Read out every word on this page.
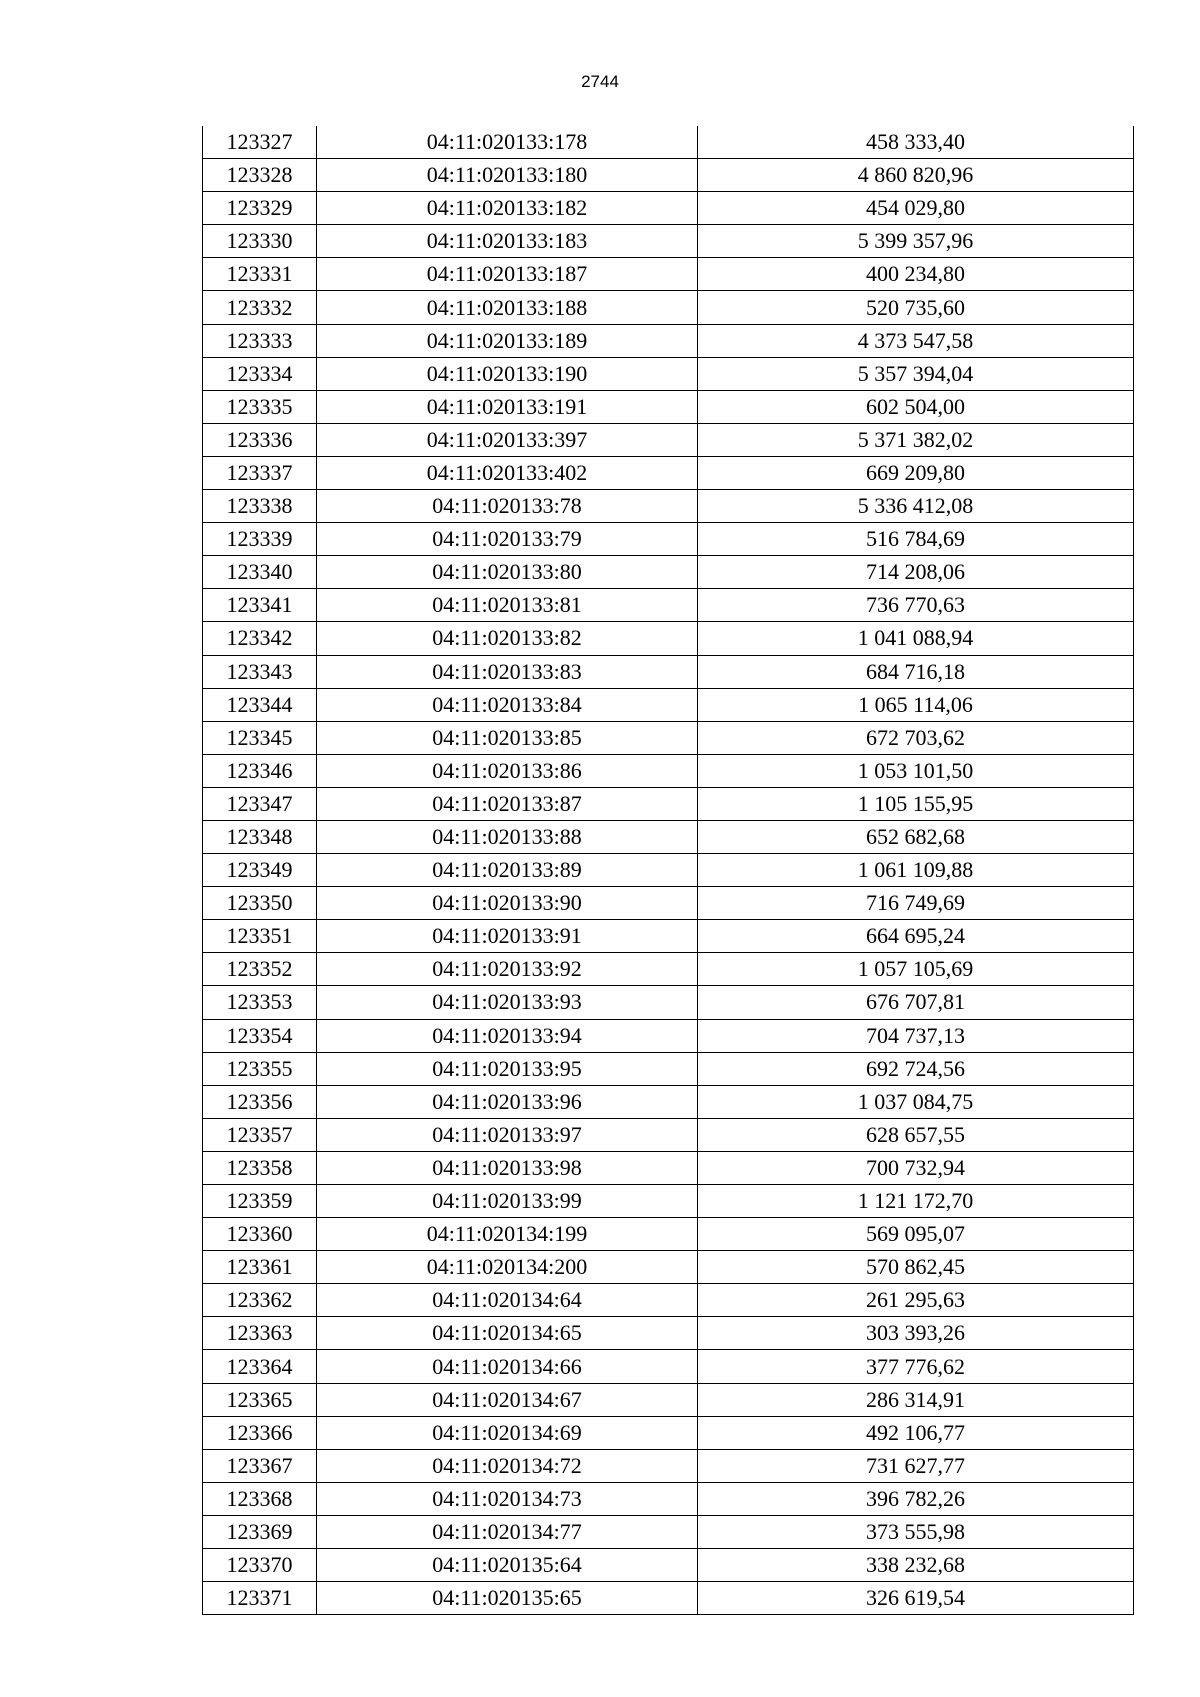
2744
123327	04:11:020133:178	458 333,40
123328	04:11:020133:180	4 860 820,96
123329	04:11:020133:182	454 029,80
123330	04:11:020133:183	5 399 357,96
123331	04:11:020133:187	400 234,80
123332	04:11:020133:188	520 735,60
123333	04:11:020133:189	4 373 547,58
123334	04:11:020133:190	5 357 394,04
123335	04:11:020133:191	602 504,00
123336	04:11:020133:397	5 371 382,02
123337	04:11:020133:402	669 209,80
123338	04:11:020133:78	5 336 412,08
123339	04:11:020133:79	516 784,69
123340	04:11:020133:80	714 208,06
123341	04:11:020133:81	736 770,63
123342	04:11:020133:82	1 041 088,94
123343	04:11:020133:83	684 716,18
123344	04:11:020133:84	1 065 114,06
123345	04:11:020133:85	672 703,62
123346	04:11:020133:86	1 053 101,50
123347	04:11:020133:87	1 105 155,95
123348	04:11:020133:88	652 682,68
123349	04:11:020133:89	1 061 109,88
123350	04:11:020133:90	716 749,69
123351	04:11:020133:91	664 695,24
123352	04:11:020133:92	1 057 105,69
123353	04:11:020133:93	676 707,81
123354	04:11:020133:94	704 737,13
123355	04:11:020133:95	692 724,56
123356	04:11:020133:96	1 037 084,75
123357	04:11:020133:97	628 657,55
123358	04:11:020133:98	700 732,94
123359	04:11:020133:99	1 121 172,70
123360	04:11:020134:199	569 095,07
123361	04:11:020134:200	570 862,45
123362	04:11:020134:64	261 295,63
123363	04:11:020134:65	303 393,26
123364	04:11:020134:66	377 776,62
123365	04:11:020134:67	286 314,91
123366	04:11:020134:69	492 106,77
123367	04:11:020134:72	731 627,77
123368	04:11:020134:73	396 782,26
123369	04:11:020134:77	373 555,98
123370	04:11:020135:64	338 232,68
123371	04:11:020135:65	326 619,54
